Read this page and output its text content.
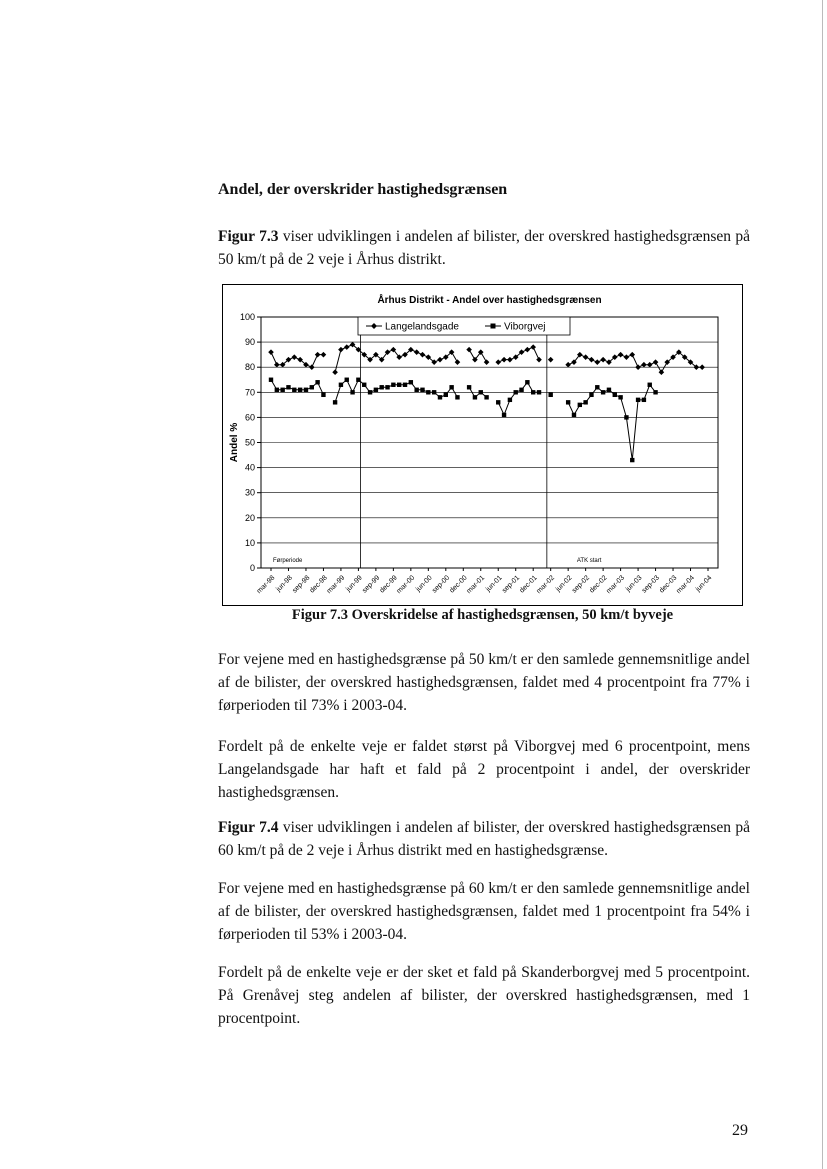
Andel, der overskrider hastighedsgrænsen
Figur 7.3 viser udviklingen i andelen af bilister, der overskred hastighedsgrænsen på 50 km/t på de 2 veje i Århus distrikt.
0
10
20
30
40
50
60
70
80
90
100
Århus Distrikt - Andel over hastighedsgrænsen
Andel %
Førperiode	ATK start
mar-98
jun-98
sep-98
dec-98
mar-99
jun-99
sep-99
dec-99
mar-00
jun-00
sep-00
dec-00
mar-01
jun-01
sep-01
dec-01
mar-02
jun-02
sep-02
dec-02
mar-03
jun-03
sep-03
dec-03
mar-04
jun-04
Langelandsgade	Viborgvej
Figur 7.3 Overskridelse af hastighedsgrænsen, 50 km/t byveje
For vejene med en hastighedsgrænse på 50 km/t er den samlede gennemsnitlige andel af de bilister, der overskred hastighedsgrænsen, faldet med 4 procentpoint fra 77% i førperioden til 73% i 2003-04.
Fordelt på de enkelte veje er faldet størst på Viborgvej med 6 procentpoint, mens Langelandsgade har haft et fald på 2 procentpoint i andel, der overskrider hastighedsgrænsen.
Figur 7.4 viser udviklingen i andelen af bilister, der overskred hastighedsgrænsen på 60 km/t på de 2 veje i Århus distrikt med en hastighedsgrænse.
For vejene med en hastighedsgrænse på 60 km/t er den samlede gennemsnitlige andel af de bilister, der overskred hastighedsgrænsen, faldet med 1 procentpoint fra 54% i førperioden til 53% i 2003-04.
Fordelt på de enkelte veje er der sket et fald på Skanderborgvej med 5 procentpoint. På Grenåvej steg andelen af bilister, der overskred hastighedsgrænsen, med 1 procentpoint.
29
